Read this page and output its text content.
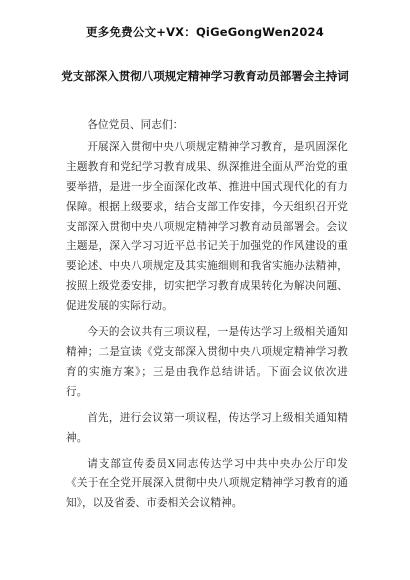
更多免费公文+VX：QiGeGongWen2024
党支部深入贯彻八项规定精神学习教育动员部署会主持词

各位党员、同志们：

开展深入贯彻中央八项规定精神学习教育，是巩固深化主题教育和党纪学习教育成果、纵深推进全面从严治党的重要举措，是进一步全面深化改革、推进中国式现代化的有力保障。根据上级要求，结合支部工作安排，今天组织召开党支部深入贯彻中央八项规定精神学习教育动员部署会。会议主题是，深入学习习近平总书记关于加强党的作风建设的重要论述、中央八项规定及其实施细则和我省实施办法精神，按照上级党委安排，切实把学习教育成果转化为解决问题、促进发展的实际行动。

今天的会议共有三项议程，一是传达学习上级相关通知精神；二是宣读《党支部深入贯彻中央八项规定精神学习教育的实施方案》；三是由我作总结讲话。下面会议依次进行。

首先，进行会议第一项议程，传达学习上级相关通知精神。

请支部宣传委员X同志传达学习中共中央办公厅印发《关于在全党开展深入贯彻中央八项规定精神学习教育的通知》，以及省委、市委相关会议精神。
